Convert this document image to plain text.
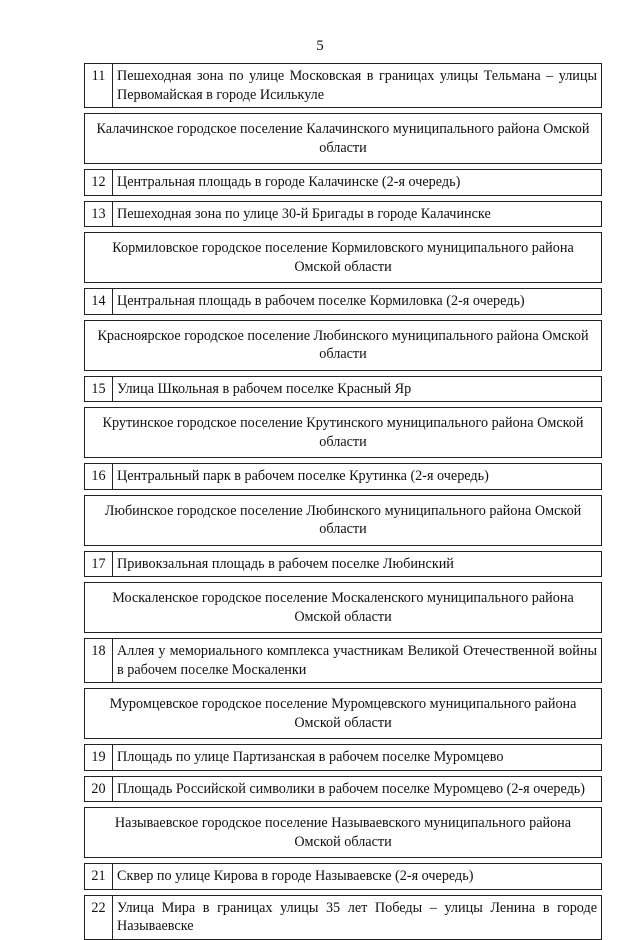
5
11	Пешеходная зона по улице Московская в границах улицы Тельмана – улицы Первомайская в городе Исилькуле

Калачинское городское поселение Калачинского муниципального района Омской области	

12	Центральная площадь в городе Калачинске (2-я очередь)

13	Пешеходная зона по улице 30-й Бригады в городе Калачинске

Кормиловское городское поселение Кормиловского муниципального района Омской области	

14	Центральная площадь в рабочем поселке Кормиловка (2-я очередь)

Красноярское городское поселение Любинского муниципального района Омской области	

15	Улица Школьная в рабочем поселке Красный Яр

Крутинское городское поселение Крутинского муниципального района Омской области	

16	Центральный парк в рабочем поселке Крутинка (2-я очередь)

Любинское городское поселение Любинского муниципального района Омской области	

17	Привокзальная площадь в рабочем поселке Любинский

Москаленское городское поселение Москаленского муниципального района Омской области	

18	Аллея у мемориального комплекса участникам Великой Отечественной войны в рабочем поселке Москаленки

Муромцевское городское поселение Муромцевского муниципального района Омской области	

19	Площадь по улице Партизанская в рабочем поселке Муромцево

20	Площадь Российской символики в рабочем поселке Муромцево (2-я очередь)

Называевское городское поселение Называевского муниципального района Омской области	

21	Сквер по улице Кирова в городе Называевске (2-я очередь)

22	Улица Мира в границах улицы 35 лет Победы – улицы Ленина в городе Называевске
